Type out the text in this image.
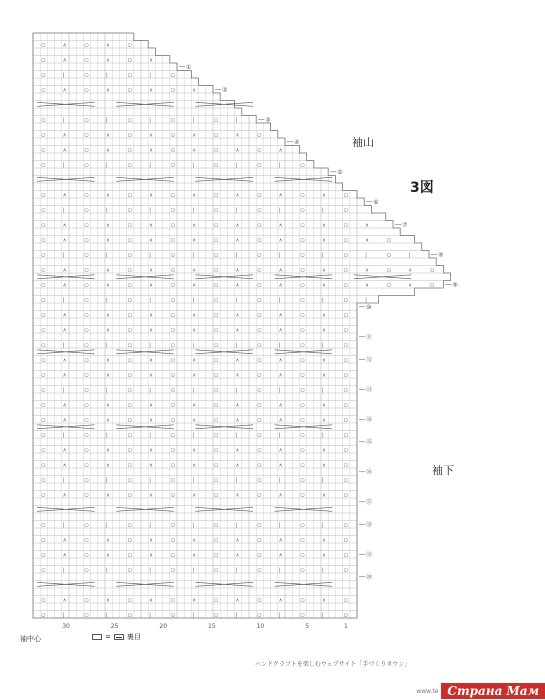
○	∧	○	∧	○
○	∧	○	∧	○	∧
○	|	○	|	○	|	○
○	∧	○	∧	○	∧	○	∧
○	|	○	|	○	|	○	|	○	|
○	∧	○	∧	○	∧	○	∧	○	∧	○
○	∧	○	∧	○	∧	○	∧	○	∧	○	∧
○	|	○	|	○	|	○	|	○	|	○	|	○
○	∧	○	∧	○	∧	○	∧	○	∧	○	∧	○	∧	○
○	|	○	|	○	|	○	|	○	|	○	|	○	|	○
○	∧	○	∧	○	∧	○	∧	○	∧	○	∧	○	∧	○	∧
○	∧	○	∧	○	∧	○	∧	○	∧	○	∧	○	∧	○	∧	○
○	|	○	|	○	|	○	|	○	|	○	|	○	|	○	|	○	|
○	∧	○	∧	○	∧	○	∧	○	∧	○	∧	○	∧	○	∧	○	∧	○
○	∧	○	∧	○	∧	○	∧	○	∧	○	∧	○	∧	○	∧	○	∧	○
○	|	○	|	○	|	○	|	○	|	○	|	○	|	○	|
○	∧	○	∧	○	∧	○	∧	○	∧	○	∧	○	∧	○
○	∧	○	∧	○	∧	○	∧	○	∧	○	∧	○	∧	○
○	|	○	|	○	|	○	|	○	|	○	|	○	|	○
○	∧	○	∧	○	∧	○	∧	○	∧	○	∧	○	∧	○
○	∧	○	∧	○	∧	○	∧	○	∧	○	∧	○	∧	○
○	|	○	|	○	|	○	|	○	|	○	|	○	|	○
○	∧	○	∧	○	∧	○	∧	○	∧	○	∧	○	∧	○
○	∧	○	∧	○	∧	○	∧	○	∧	○	∧	○	∧	○
○	|	○	|	○	|	○	|	○	|	○	|	○	|	○
○	∧	○	∧	○	∧	○	∧	○	∧	○	∧	○	∧	○
○	∧	○	∧	○	∧	○	∧	○	∧	○	∧	○	∧	○
○	|	○	|	○	|	○	|	○	|	○	|	○	|	○
○	∧	○	∧	○	∧	○	∧	○	∧	○	∧	○	∧	○
○	|	○	|	○	|	○	|	○	|	○	|	○	|	○
○	∧	○	∧	○	∧	○	∧	○	∧	○	∧	○	∧	○
○	∧	○	∧	○	∧	○	∧	○	∧	○	∧	○	∧	○
○	|	○	|	○	|	○	|	○	|	○	|	○	|	○
○	∧	○	∧	○	∧	○	∧	○	∧	○	∧	○	∧	○
○	|	○	|	○	|	○	|	○	|	○	|	○	|	○
①
②
③
④
⑤
⑥
⑦
⑧
⑨
⑩
⑪
⑫
⑬
⑭
⑮
⑯
⑰
⑱
⑲
⑳
30	25	20	15	10	5	1
袖山
3図
袖下
袖中心	= 裏目
ハンドクラフトを楽しむウェブサイト「手づくりタウン」
www.te Страна Мам
